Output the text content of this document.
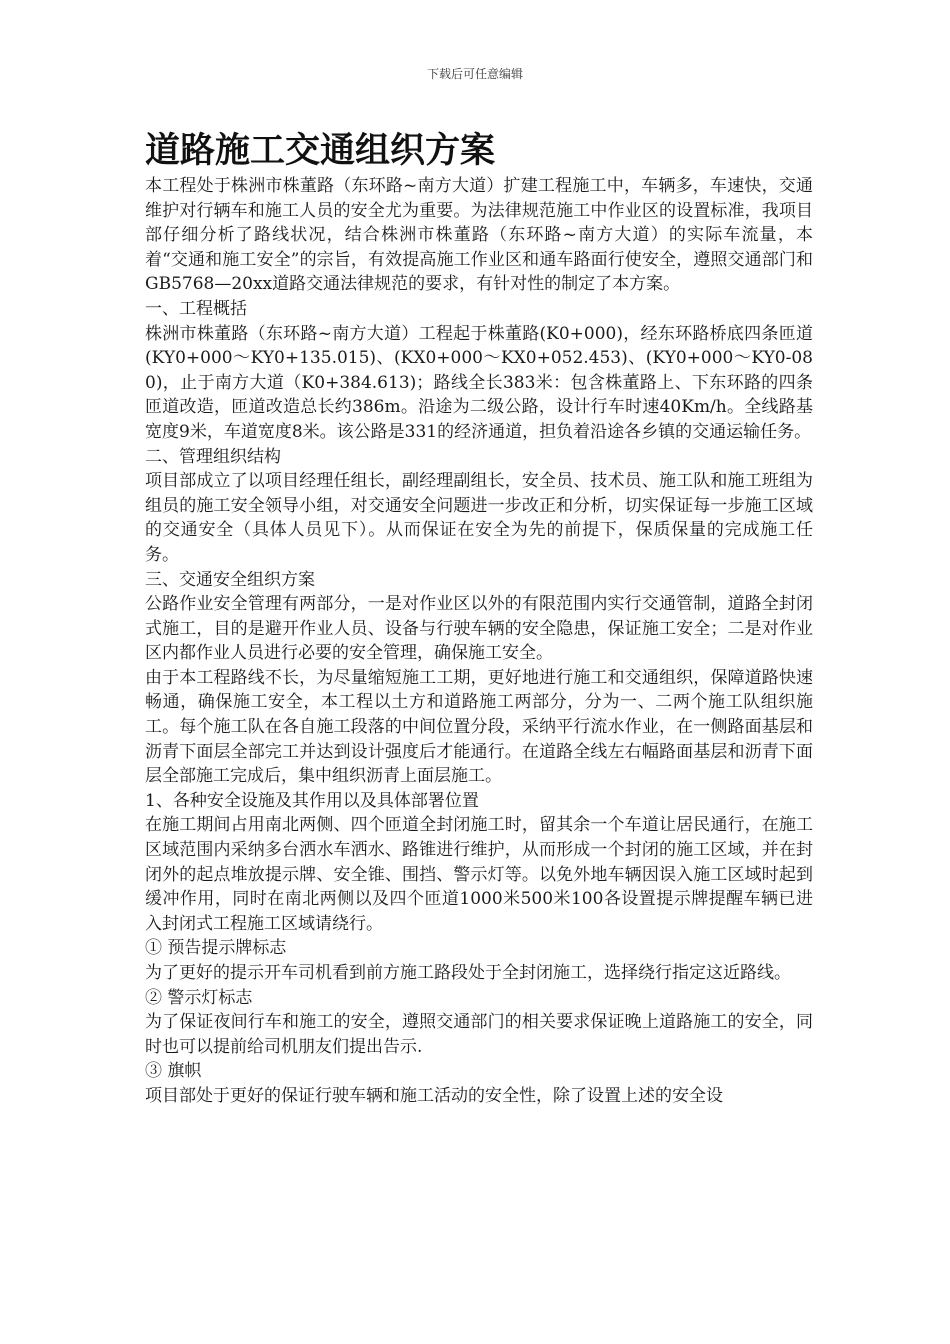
下载后可任意编辑
道路施工交通组织方案

本工程处于株洲市株董路（东环路~南方大道）扩建工程施工中，车辆多，车速快，交通维护对行辆车和施工人员的安全尤为重要。为法律规范施工中作业区的设置标准，我项目部仔细分析了路线状况，结合株洲市株董路（东环路~南方大道）的实际车流量，本着“交通和施工安全”的宗旨，有效提高施工作业区和通车路面行使安全，遵照交通部门和GB5768—20xx道路交通法律规范的要求，有针对性的制定了本方案。

一、工程概括

株洲市株董路（东环路~南方大道）工程起于株董路(K0+000)，经东环路桥底四条匝道(KY0+000～KY0+135.015)、(KX0+000～KX0+052.453)、(KY0+000～KY0-080)，止于南方大道（K0+384.613)；路线全长383米：包含株董路上、下东环路的四条匝道改造，匝道改造总长约386m。沿途为二级公路，设计行车时速40Km/h。全线路基宽度9米，车道宽度8米。该公路是331的经济通道，担负着沿途各乡镇的交通运输任务。

二、管理组织结构

项目部成立了以项目经理任组长，副经理副组长，安全员、技术员、施工队和施工班组为组员的施工安全领导小组，对交通安全问题进一步改正和分析，切实保证每一步施工区域的交通安全（具体人员见下）。从而保证在安全为先的前提下，保质保量的完成施工任务。

三、交通安全组织方案

公路作业安全管理有两部分，一是对作业区以外的有限范围内实行交通管制，道路全封闭式施工，目的是避开作业人员、设备与行驶车辆的安全隐患，保证施工安全；二是对作业区内都作业人员进行必要的安全管理，确保施工安全。

由于本工程路线不长，为尽量缩短施工工期，更好地进行施工和交通组织，保障道路快速畅通，确保施工安全，本工程以土方和道路施工两部分，分为一、二两个施工队组织施工。每个施工队在各自施工段落的中间位置分段，采纳平行流水作业，在一侧路面基层和沥青下面层全部完工并达到设计强度后才能通行。在道路全线左右幅路面基层和沥青下面层全部施工完成后，集中组织沥青上面层施工。

1、各种安全设施及其作用以及具体部署位置

在施工期间占用南北两侧、四个匝道全封闭施工时，留其余一个车道让居民通行，在施工区域范围内采纳多台洒水车洒水、路锥进行维护，从而形成一个封闭的施工区域，并在封闭外的起点堆放提示牌、安全锥、围挡、警示灯等。以免外地车辆因误入施工区域时起到缓冲作用，同时在南北两侧以及四个匝道1000米500米100各设置提示牌提醒车辆已进入封闭式工程施工区域请绕行。

① 预告提示牌标志

为了更好的提示开车司机看到前方施工路段处于全封闭施工，选择绕行指定这近路线。

② 警示灯标志

为了保证夜间行车和施工的安全，遵照交通部门的相关要求保证晚上道路施工的安全，同时也可以提前给司机朋友们提出告示.

③ 旗帜

项目部处于更好的保证行驶车辆和施工活动的安全性，除了设置上述的安全设
